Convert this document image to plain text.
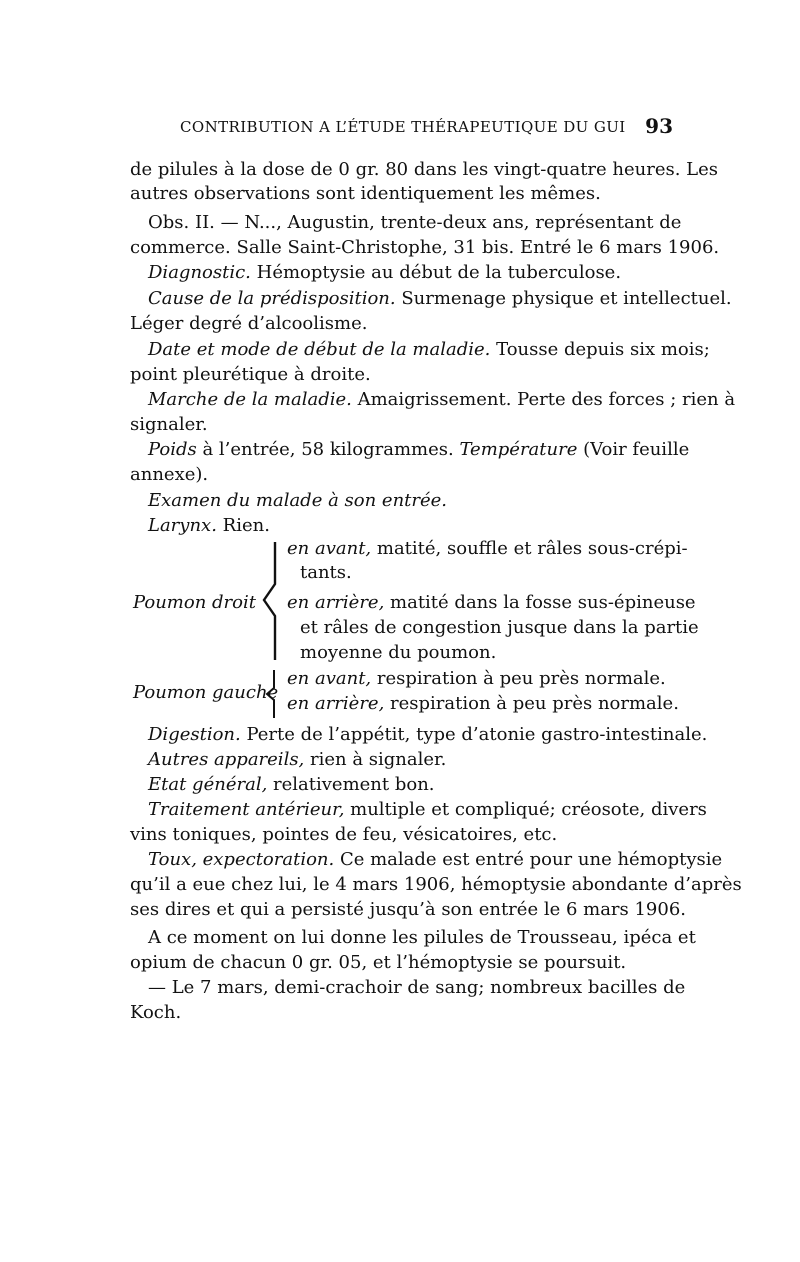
CONTRIBUTION A L’ÉTUDE THÉRAPEUTIQUE DU GUI 93
de pilules à la dose de 0 gr. 80 dans les vingt-quatre heures. Les
autres observations sont identiquement les mêmes.
Obs. II. — N..., Augustin, trente-deux ans, représentant de
commerce. Salle Saint-Christophe, 31 bis. Entré le 6 mars 1906.
Diagnostic. Hémoptysie au début de la tuberculose.
Cause de la prédisposition. Surmenage physique et intellectuel.
Léger degré d’alcoolisme.
Date et mode de début de la maladie. Tousse depuis six mois;
point pleurétique à droite.
Marche de la maladie. Amaigrissement. Perte des forces ; rien à
signaler.
Poids à l’entrée, 58 kilogrammes. Température (Voir feuille
annexe).
Examen du malade à son entrée.
Larynx. Rien.
Poumon droit
en avant, matité, souffle et râles sous-crépi-
tants.
en arrière, matité dans la fosse sus-épineuse
et râles de congestion jusque dans la partie
moyenne du poumon.
Poumon gauche
en avant, respiration à peu près normale.
en arrière, respiration à peu près normale.
Digestion. Perte de l’appétit, type d’atonie gastro-intestinale.
Autres appareils, rien à signaler.
Etat général, relativement bon.
Traitement antérieur, multiple et compliqué; créosote, divers
vins toniques, pointes de feu, vésicatoires, etc.
Toux, expectoration. Ce malade est entré pour une hémoptysie
qu’il a eue chez lui, le 4 mars 1906, hémoptysie abondante d’après
ses dires et qui a persisté jusqu’à son entrée le 6 mars 1906.
A ce moment on lui donne les pilules de Trousseau, ipéca et
opium de chacun 0 gr. 05, et l’hémoptysie se poursuit.
— Le 7 mars, demi-crachoir de sang; nombreux bacilles de
Koch.
